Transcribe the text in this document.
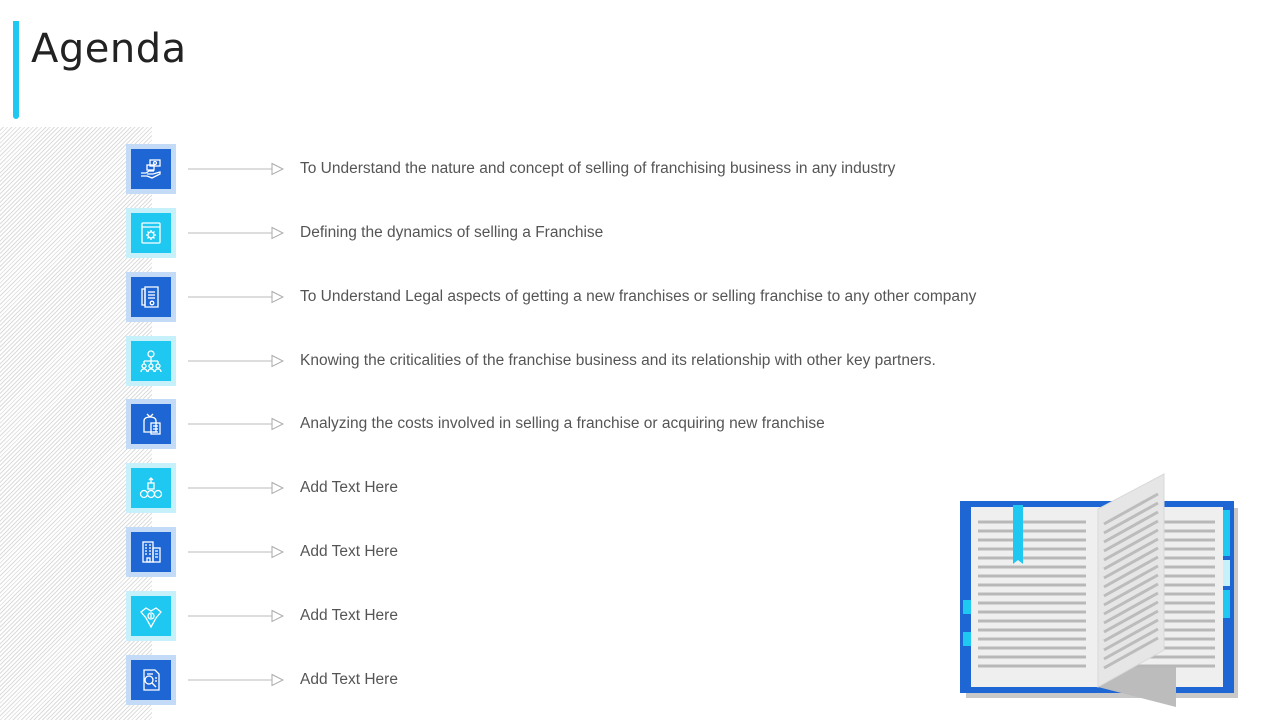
Agenda
To Understand the nature and concept of selling of franchising business in any industry
Defining the dynamics of selling a Franchise
To Understand Legal aspects of getting a new franchises or selling franchise to any other company
Knowing the criticalities of the franchise business and its relationship with other key partners.
Analyzing the costs involved in selling a franchise or acquiring new franchise
Add Text Here
Add Text Here
Add Text Here
Add Text Here
